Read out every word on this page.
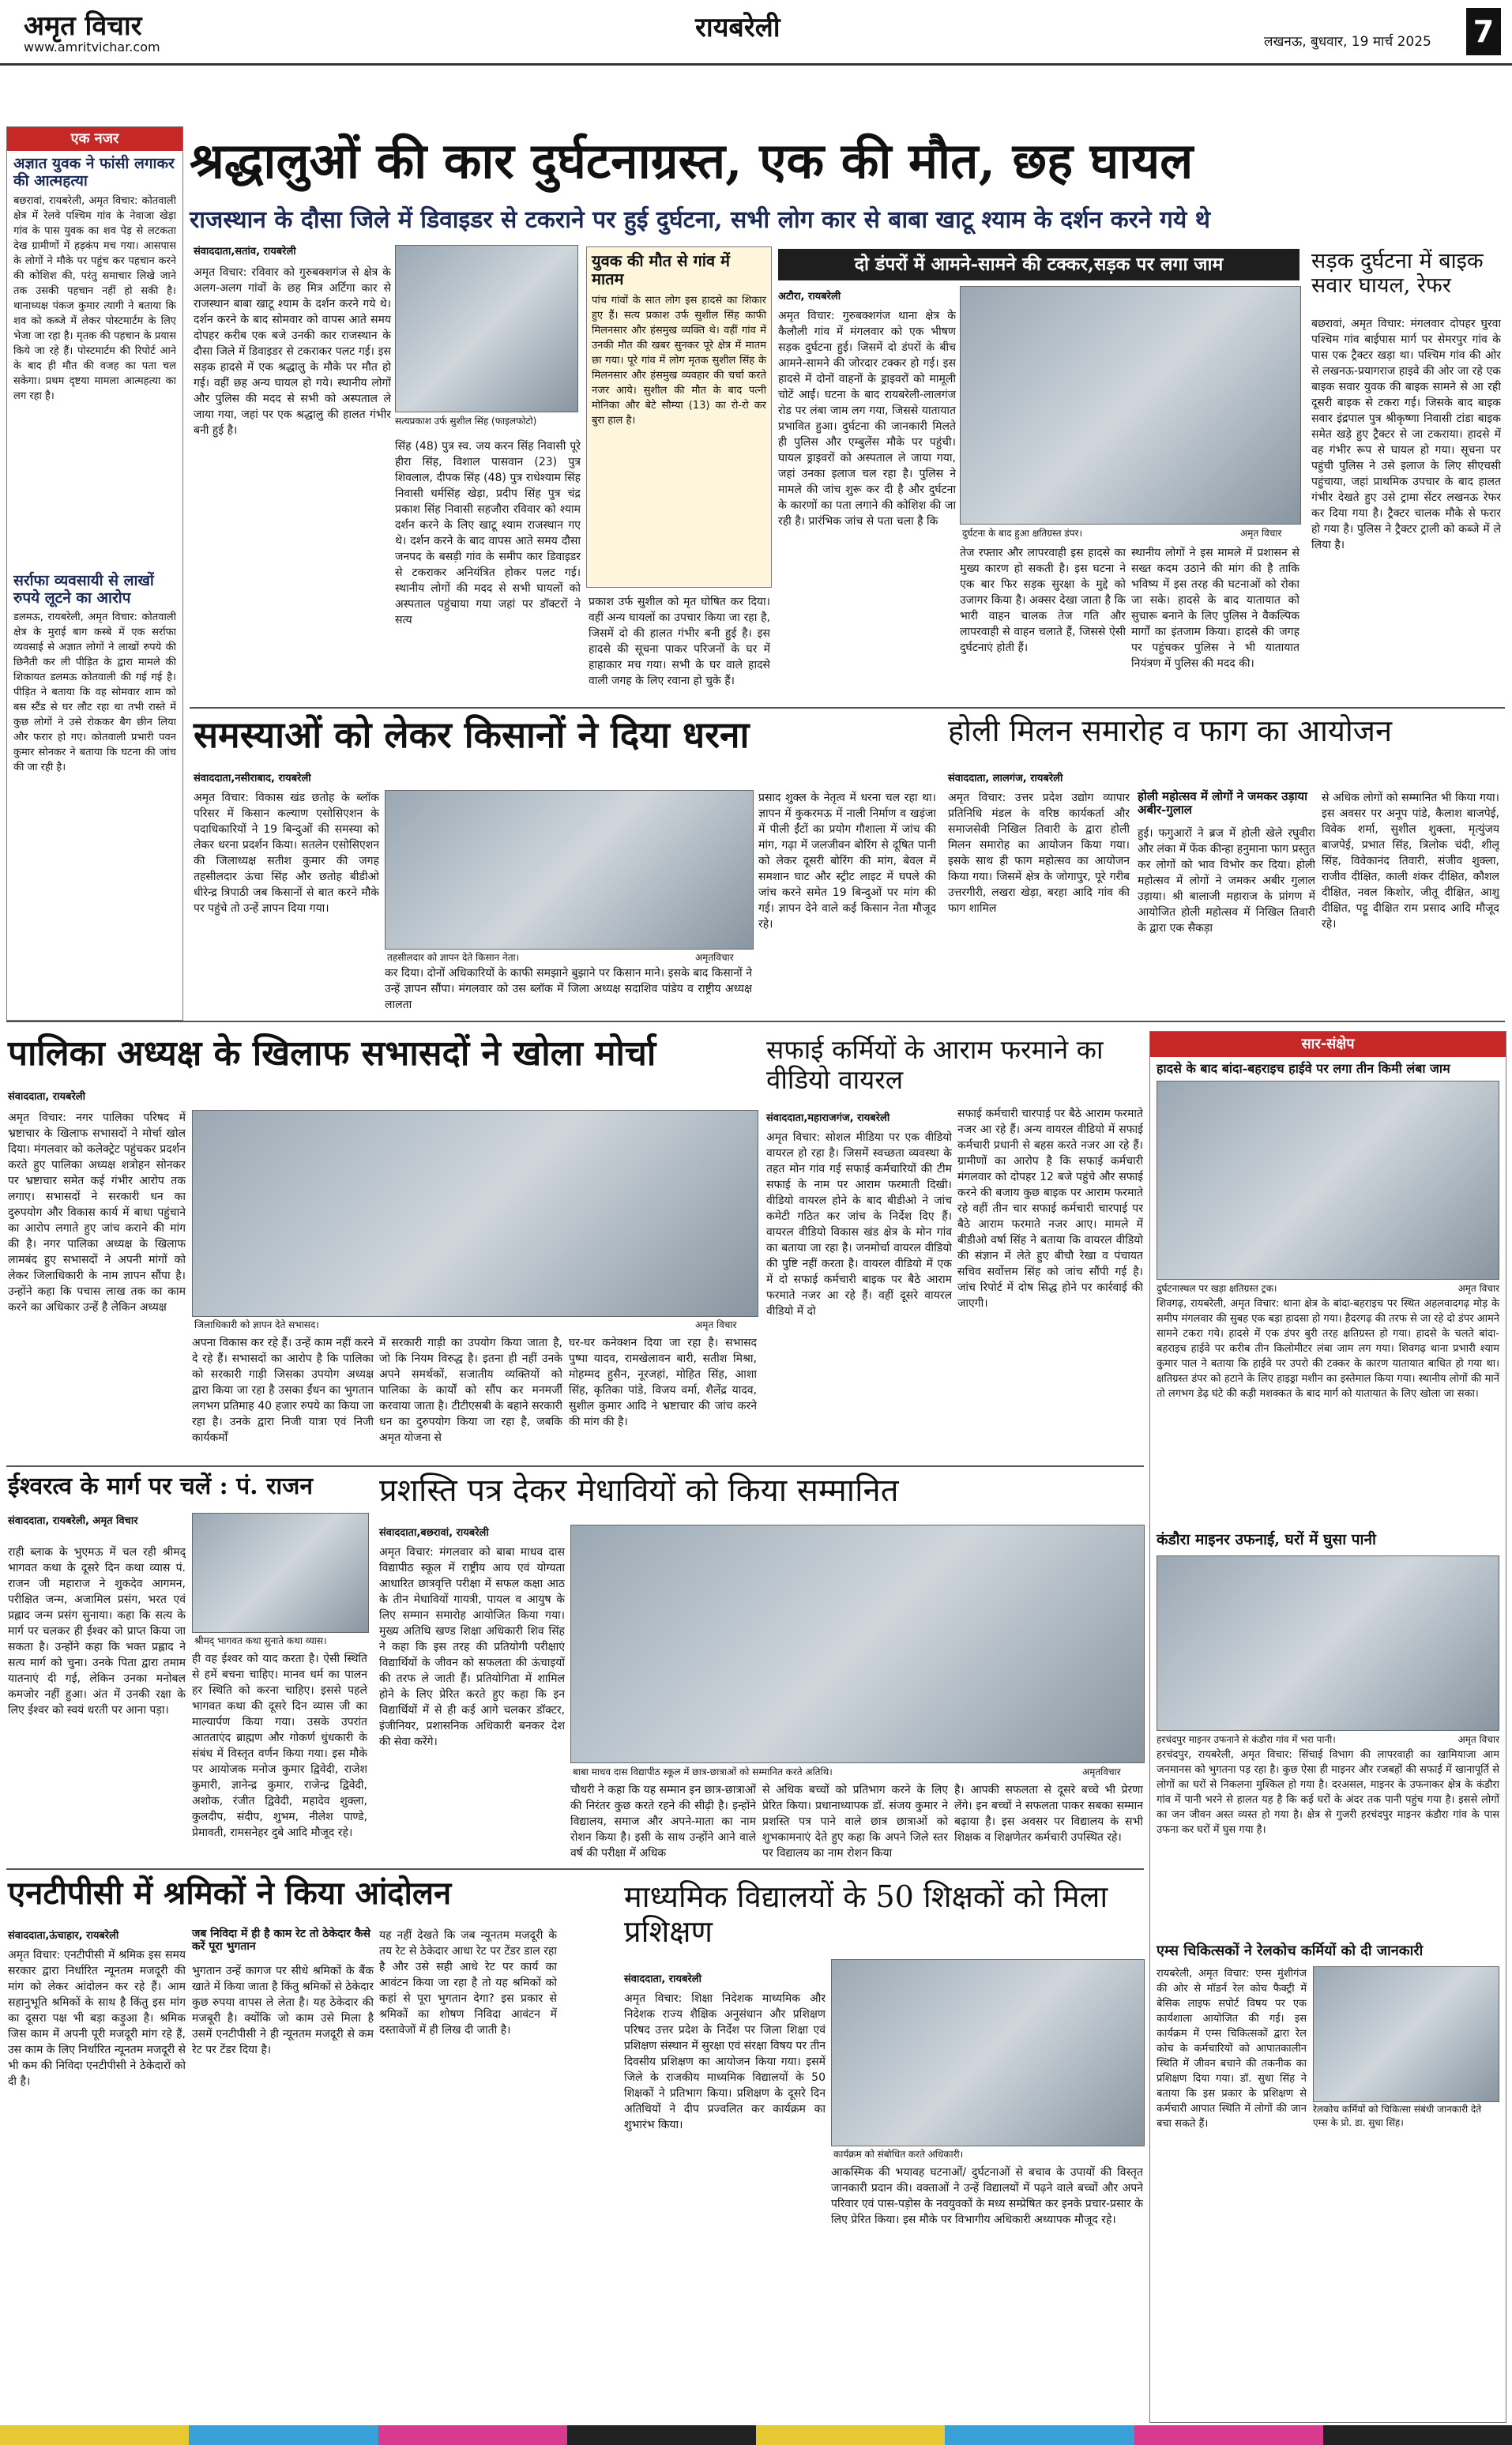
अमृत विचार
www.amritvichar.com
रायबरेली	लखनऊ, बुधवार, 19 मार्च 2025 7
एक नजर
अज्ञात युवक ने फांसी लगाकर की आत्महत्या
बछरावां, रायबरेली, अमृत विचार: कोतवाली क्षेत्र में रेलवे पश्चिम गांव के नेवाजा खेड़ा गांव के पास युवक का शव पेड़ से लटकता देख ग्रामीणों में हड़कंप मच गया। आसपास के लोगों ने मौके पर पहुंच कर पहचान करने की कोशिश की, परंतु समाचार लिखे जाने तक उसकी पहचान नहीं हो सकी है। थानाध्यक्ष पंकज कुमार त्यागी ने बताया कि शव को कब्जे में लेकर पोस्टमार्टम के लिए भेजा जा रहा है। मृतक की पहचान के प्रयास किये जा रहे हैं। पोस्टमार्टम की रिपोर्ट आने के बाद ही मौत की वजह का पता चल सकेगा। प्रथम दृष्टया मामला आत्महत्या का लग रहा है।
सर्राफा व्यवसायी से लाखों रुपये लूटने का आरोप
डलमऊ, रायबरेली, अमृत विचार: कोतवाली क्षेत्र के मुराई बाग कस्बे में एक सर्राफा व्यवसाई से अज्ञात लोगों ने लाखों रुपये की छिनैती कर ली पीड़ित के द्वारा मामले की शिकायत डलमऊ कोतवाली की गई गई है। पीड़ित ने बताया कि वह सोमवार शाम को बस स्टैंड से घर लौट रहा था तभी रास्ते में कुछ लोगों ने उसे रोककर बैग छीन लिया और फरार हो गए। कोतवाली प्रभारी पवन कुमार सोनकर ने बताया कि घटना की जांच की जा रही है।
श्रद्धालुओं की कार दुर्घटनाग्रस्त, एक की मौत, छह घायल
राजस्थान के दौसा जिले में डिवाइडर से टकराने पर हुई दुर्घटना, सभी लोग कार से बाबा खाटू श्याम के दर्शन करने गये थे
संवाददाता,सतांव, रायबरेली
सत्यप्रकाश उर्फ सुशील सिंह (फाइलफोटो)
अमृत विचार: रविवार को गुरुबक्शगंज से क्षेत्र के अलग-अलग गांवों के छह मित्र अर्टिगा कार से राजस्थान बाबा खाटू श्याम के दर्शन करने गये थे। दर्शन करने के बाद सोमवार को वापस आते समय दोपहर करीब एक बजे उनकी कार राजस्थान के दौसा जिले में डिवाइडर से टकराकर पलट गई। इस सड़क हादसे में एक श्रद्धालु के मौके पर मौत हो गई। वहीं छह अन्य घायल हो गये। स्थानीय लोगों और पुलिस की मदद से सभी को अस्पताल ले जाया गया, जहां पर एक श्रद्धालु की हालत गंभीर बनी हुई है।
सिंह (48) पुत्र स्व. जय करन सिंह निवासी पूरे हीरा सिंह, विशाल पासवान (23) पुत्र शिवलाल, दीपक सिंह (48) पुत्र राधेश्याम सिंह निवासी धर्मसिंह खेड़ा, प्रदीप सिंह पुत्र चंद्र प्रकाश सिंह निवासी सहजौरा रविवार को श्याम दर्शन करने के लिए खाटू श्याम राजस्थान गए थे। दर्शन करने के बाद वापस आते समय दौसा जनपद के बसड़ी गांव के समीप कार डिवाइडर से टकराकर अनियंत्रित होकर पलट गई। स्थानीय लोगों की मदद से सभी घायलों को अस्पताल पहुंचाया गया जहां पर डॉक्टरों ने सत्य
युवक की मौत से गांव में मातम
पांच गांवों के सात लोग इस हादसे का शिकार हुए हैं। सत्य प्रकाश उर्फ सुशील सिंह काफी मिलनसार और हंसमुख व्यक्ति थे। वहीं गांव में उनकी मौत की खबर सुनकर पूरे क्षेत्र में मातम छा गया। पूरे गांव में लोग मृतक सुशील सिंह के मिलनसार और हंसमुख व्यवहार की चर्चा करते नजर आये। सुशील की मौत के बाद पत्नी मोनिका और बेटे सौम्या (13) का रो-रो कर बुरा हाल है।
प्रकाश उर्फ सुशील को मृत घोषित कर दिया। वहीं अन्य घायलों का उपचार किया जा रहा है, जिसमें दो की हालत गंभीर बनी हुई है। इस हादसे की सूचना पाकर परिजनों के घर में हाहाकार मच गया। सभी के घर वाले हादसे वाली जगह के लिए रवाना हो चुके हैं।
दो डंपरों में आमने-सामने की टक्कर,सड़क पर लगा जाम
अटौरा, रायबरेली
अमृत विचार: गुरुबक्शगंज थाना क्षेत्र के कैलौली गांव में मंगलवार को एक भीषण सड़क दुर्घटना हुई। जिसमें दो डंपरों के बीच आमने-सामने की जोरदार टक्कर हो गई। इस हादसे में दोनों वाहनों के ड्राइवरों को मामूली चोटें आईं। घटना के बाद रायबरेली-लालगंज रोड पर लंबा जाम लग गया, जिससे यातायात प्रभावित हुआ। दुर्घटना की जानकारी मिलते ही पुलिस और एम्बुलेंस मौके पर पहुंची। घायल ड्राइवरों को अस्पताल ले जाया गया, जहां उनका इलाज चल रहा है। पुलिस ने मामले की जांच शुरू कर दी है और दुर्घटना के कारणों का पता लगाने की कोशिश की जा रही है। प्रारंभिक जांच से पता चला है कि
दुर्घटना के बाद हुआ क्षतिग्रस्त डंपर।	अमृत विचार
तेज रफ्तार और लापरवाही इस हादसे का मुख्य कारण हो सकती है। इस घटना ने एक बार फिर सड़क सुरक्षा के मुद्दे को उजागर किया है। अक्सर देखा जाता है कि भारी वाहन चालक तेज गति और लापरवाही से वाहन चलाते हैं, जिससे ऐसी दुर्घटनाएं होती हैं।
स्थानीय लोगों ने इस मामले में प्रशासन से सख्त कदम उठाने की मांग की है ताकि भविष्य में इस तरह की घटनाओं को रोका जा सके। हादसे के बाद यातायात को सुचारू बनाने के लिए पुलिस ने वैकल्पिक मार्गों का इंतजाम किया। हादसे की जगह पर पहुंचकर पुलिस ने भी यातायात नियंत्रण में पुलिस की मदद की।
सड़क दुर्घटना में बाइक सवार घायल, रेफर
बछरावां, अमृत विचार: मंगलवार दोपहर घुरवा पश्चिम गांव बाईपास मार्ग पर सेमरपुर गांव के पास एक ट्रैक्टर खड़ा था। पश्चिम गांव की ओर से लखनऊ-प्रयागराज हाइवे की ओर जा रहे एक बाइक सवार युवक की बाइक सामने से आ रही दूसरी बाइक से टकरा गई। जिसके बाद बाइक सवार इंद्रपाल पुत्र श्रीकृष्णा निवासी टांडा बाइक समेत खड़े हुए ट्रैक्टर से जा टकराया। हादसे में वह गंभीर रूप से घायल हो गया। सूचना पर पहुंची पुलिस ने उसे इलाज के लिए सीएचसी पहुंचाया, जहां प्राथमिक उपचार के बाद हालत गंभीर देखते हुए उसे ट्रामा सेंटर लखनऊ रेफर कर दिया गया है। ट्रैक्टर चालक मौके से फरार हो गया है। पुलिस ने ट्रैक्टर ट्राली को कब्जे में ले लिया है।
समस्याओं को लेकर किसानों ने दिया धरना
संवाददाता,नसीराबाद, रायबरेली
अमृत विचार: विकास खंड छतोह के ब्लॉक परिसर में किसान कल्याण एसोसिएशन के पदाधिकारियों ने 19 बिन्दुओं की समस्या को लेकर धरना प्रदर्शन किया। सतलेन एसोसिएशन की जिलाध्यक्ष सतीश कुमार की जगह तहसीलदार ऊंचा सिंह और छतोह बीडीओ धीरेन्द्र त्रिपाठी जब किसानों से बात करने मौके पर पहुंचे तो उन्हें ज्ञापन दिया गया।
तहसीलदार को ज्ञापन देते किसान नेता।	अमृतविचार
कर दिया। दोनों अधिकारियों के काफी समझाने बुझाने पर किसान माने। इसके बाद किसानों ने उन्हें ज्ञापन सौंपा। मंगलवार को उस ब्लॉक में जिला अध्यक्ष सदाशिव पांडेय व राष्ट्रीय अध्यक्ष लालता
प्रसाद शुक्ल के नेतृत्व में धरना चल रहा था। ज्ञापन में कुकरमऊ में नाली निर्माण व खड़ंजा में पीली ईंटों का प्रयोग गौशाला में जांच की मांग, गढ़ा में जलजीवन बोरिंग से दूषित पानी को लेकर दूसरी बोरिंग की मांग, बेवल में समशान घाट और स्ट्रीट लाइट में घपले की जांच करने समेत 19 बिन्दुओं पर मांग की गई। ज्ञापन देने वाले कई किसान नेता मौजूद रहे।
होली मिलन समारोह व फाग का आयोजन
संवाददाता, लालगंज, रायबरेली
अमृत विचार: उत्तर प्रदेश उद्योग व्यापार प्रतिनिधि मंडल के वरिष्ठ कार्यकर्ता और समाजसेवी निखिल तिवारी के द्वारा होली मिलन समारोह का आयोजन किया गया। इसके साथ ही फाग महोत्सव का आयोजन किया गया। जिसमें क्षेत्र के जोगापुर, पूरे गरीब उत्तरगीरी, लखरा खेड़ा, बरहा आदि गांव की फाग शामिल
होली महोत्सव में लोगों ने जमकर उड़ाया अबीर-गुलाल
हुई। फगुआरों ने ब्रज में होली खेले रघुवीरा और लंका में फेंक कीन्हा हनुमाना फाग प्रस्तुत कर लोगों को भाव विभोर कर दिया। होली महोत्सव में लोगों ने जमकर अबीर गुलाल उड़ाया। श्री बालाजी महाराज के प्रांगण में आयोजित होली महोत्सव में निखिल तिवारी के द्वारा एक सैकड़ा
से अधिक लोगों को सम्मानित भी किया गया। इस अवसर पर अनूप पांडे, कैलाश बाजपेई, विवेक शर्मा, सुशील शुक्ला, मृत्युंजय बाजपेई, प्रभात सिंह, त्रिलोक चंदी, शीलू सिंह, विवेकानंद तिवारी, संजीव शुक्ला, राजीव दीक्षित, काली शंकर दीक्षित, कौशल दीक्षित, नवल किशोर, जीतू दीक्षित, आशु दीक्षित, पट्टू दीक्षित राम प्रसाद आदि मौजूद रहे।
पालिका अध्यक्ष के खिलाफ सभासदों ने खोला मोर्चा
संवाददाता, रायबरेली
अमृत विचार: नगर पालिका परिषद में भ्रष्टाचार के खिलाफ सभासदों ने मोर्चा खोल दिया। मंगलवार को कलेक्ट्रेट पहुंचकर प्रदर्शन करते हुए पालिका अध्यक्ष शत्रोहन सोनकर पर भ्रष्टाचार समेत कई गंभीर आरोप तक लगाए। सभासदों ने सरकारी धन का दुरुपयोग और विकास कार्य में बाधा पहुंचाने का आरोप लगाते हुए जांच कराने की मांग की है। नगर पालिका अध्यक्ष के खिलाफ लामबंद हुए सभासदों ने अपनी मांगों को लेकर जिलाधिकारी के नाम ज्ञापन सौंपा है। उन्होंने कहा कि पचास लाख तक का काम करने का अधिकार उन्हें है लेकिन अध्यक्ष
जिलाधिकारी को ज्ञापन देते सभासद।	अमृत विचार
अपना विकास कर रहे हैं। उन्हें काम नहीं करने दे रहे हैं। सभासदों का आरोप है कि पालिका को सरकारी गाड़ी जिसका उपयोग अध्यक्ष द्वारा किया जा रहा है उसका ईंधन का भुगतान लगभग प्रतिमाह 40 हजार रुपये का किया जा रहा है। उनके द्वारा निजी यात्रा एवं निजी कार्यकर्मों
में सरकारी गाड़ी का उपयोग किया जाता है, जो कि नियम विरुद्ध है। इतना ही नहीं उनके अपने समर्थकों, सजातीय व्यक्तियों को पालिका के कार्यों को सौंप कर मनमर्जी करवाया जाता है। टीटीएसबी के बहाने सरकारी धन का दुरुपयोग किया जा रहा है, जबकि अमृत योजना से
घर-घर कनेक्शन दिया जा रहा है। सभासद पुष्पा यादव, रामखेलावन बारी, सतीश मिश्रा, मोहम्मद हुसैन, नूरजहां, मोहित सिंह, आशा सिंह, कृतिका पांडे, विजय वर्मा, शैलेंद्र यादव, सुशील कुमार आदि ने भ्रष्टाचार की जांच करने की मांग की है।
सफाई कर्मियों के आराम फरमाने का वीडियो वायरल
संवाददाता,महाराजगंज, रायबरेली
अमृत विचार: सोशल मीडिया पर एक वीडियो वायरल हो रहा है। जिसमें स्वच्छता व्यवस्था के तहत मोन गांव गई सफाई कर्मचारियों की टीम सफाई के नाम पर आराम फरमाती दिखी। वीडियो वायरल होने के बाद बीडीओ ने जांच कमेटी गठित कर जांच के निर्देश दिए हैं। वायरल वीडियो विकास खंड क्षेत्र के मोन गांव का बताया जा रहा है। जनमोर्चा वायरल वीडियो की पुष्टि नहीं करता है। वायरल वीडियो में एक में दो सफाई कर्मचारी बाइक पर बैठे आराम फरमाते नजर आ रहे हैं। वहीं दूसरे वायरल वीडियो में दो
सफाई कर्मचारी चारपाई पर बैठे आराम फरमाते नजर आ रहे हैं। अन्य वायरल वीडियो में सफाई कर्मचारी प्रधानी से बहस करते नजर आ रहे हैं। ग्रामीणों का आरोप है कि सफाई कर्मचारी मंगलवार को दोपहर 12 बजे पहुंचे और सफाई करने की बजाय कुछ बाइक पर आराम फरमाते रहे वहीं तीन चार सफाई कर्मचारी चारपाई पर बैठे आराम फरमाते नजर आए। मामले में बीडीओ वर्षा सिंह ने बताया कि वायरल वीडियो की संज्ञान में लेते हुए बीचौ रेखा व पंचायत सचिव सर्वोत्तम सिंह को जांच सौंपी गई है। जांच रिपोर्ट में दोष सिद्ध होने पर कार्रवाई की जाएगी।
सार-संक्षेप
हादसे के बाद बांदा-बहराइच हाईवे पर लगा तीन किमी लंबा जाम
दुर्घटनास्थल पर खड़ा क्षतिग्रस्त ट्रक।	अमृत विचार
शिवगढ़, रायबरेली, अमृत विचार: थाना क्षेत्र के बांदा-बहराइच पर स्थित अहलवादगढ़ मोड़ के समीप मंगलवार की सुबह एक बड़ा हादसा हो गया। हैदरगढ़ की तरफ से जा रहे दो डंपर आमने सामने टकरा गये। हादसे में एक डंपर बुरी तरह क्षतिग्रस्त हो गया। हादसे के चलते बांदा-बहराइच हाईवे पर करीब तीन किलोमीटर लंबा जाम लग गया। शिवगढ़ थाना प्रभारी श्याम कुमार पाल ने बताया कि हाईवे पर उपरो की टक्कर के कारण यातायात बाधित हो गया था। क्षतिग्रस्त डंपर को हटाने के लिए हाइड्रा मशीन का इस्तेमाल किया गया। स्थानीय लोगों की मानें तो लगभग डेढ़ घंटे की कड़ी मशक्कत के बाद मार्ग को यातायात के लिए खोला जा सका।
कंडौरा माइनर उफनाई, घरों में घुसा पानी
हरचंदपुर माइनर उफनाने से कंडौरा गांव में भरा पानी।	अमृत विचार
हरचंदपुर, रायबरेली, अमृत विचार: सिंचाई विभाग की लापरवाही का खामियाजा आम जनमानस को भुगतना पड़ रहा है। कुछ ऐसा ही माइनर और रजबहों की सफाई में खानापूर्ति से लोगों का घरों से निकलना मुश्किल हो गया है। दरअसल, माइनर के उफनाकर क्षेत्र के कंडौरा गांव में पानी भरने से हालत यह है कि कई घरों के अंदर तक पानी पहुंच गया है। इससे लोगों का जन जीवन अस्त व्यस्त हो गया है। क्षेत्र से गुजरी हरचंदपुर माइनर कंडौरा गांव के पास उफना कर घरों में घुस गया है।
एम्स चिकित्सकों ने रेलकोच कर्मियों को दी जानकारी
रायबरेली, अमृत विचार: एम्स मुंशीगंज की ओर से मॉडर्न रेल कोच फैक्ट्री में बेसिक लाइफ सपोर्ट विषय पर एक कार्यशाला आयोजित की गई। इस कार्यक्रम में एम्स चिकित्सकों द्वारा रेल कोच के कर्मचारियों को आपातकालीन स्थिति में जीवन बचाने की तकनीक का प्रशिक्षण दिया गया। डॉ. सुधा सिंह ने बताया कि इस प्रकार के प्रशिक्षण से कर्मचारी आपात स्थिति में लोगों की जान बचा सकते हैं।
रेलकोच कर्मियों को चिकित्सा संबंधी जानकारी देते एम्स के प्रो. डा. सुधा सिंह।
ईश्वरत्व के मार्ग पर चलें : पं. राजन
संवाददाता, रायबरेली, अमृत विचार
राही ब्लाक के भुएमऊ में चल रही श्रीमद् भागवत कथा के दूसरे दिन कथा व्यास पं. राजन जी महाराज ने शुकदेव आगमन, परीक्षित जन्म, अजामिल प्रसंग, भरत एवं प्रह्लाद जन्म प्रसंग सुनाया। कहा कि सत्य के मार्ग पर चलकर ही ईश्वर को प्राप्त किया जा सकता है। उन्होंने कहा कि भक्त प्रह्लाद ने सत्य मार्ग को चुना। उनके पिता द्वारा तमाम यातनाएं दी गई, लेकिन उनका मनोबल कमजोर नहीं हुआ। अंत में उनकी रक्षा के लिए ईश्वर को स्वयं धरती पर आना पड़ा।
श्रीमद् भागवत कथा सुनाते कथा व्यास।
ही वह ईश्वर को याद करता है। ऐसी स्थिति से हमें बचना चाहिए। मानव धर्म का पालन हर स्थिति को करना चाहिए। इससे पहले भागवत कथा की दूसरे दिन व्यास जी का माल्यार्पण किया गया। उसके उपरांत आतताएंद ब्राह्मण और गोकर्ण धुंधकारी के संबंध में विस्तृत वर्णन किया गया। इस मौके पर आयोजक मनोज कुमार द्विवेदी, राजेश कुमारी, ज्ञानेन्द्र कुमार, राजेन्द्र द्विवेदी, अशोक, रंजीत द्विवेदी, महादेव शुक्ला, कुलदीप, संदीप, शुभम, नीलेश पाण्डे, प्रेमावती, रामसनेहर दुबे आदि मौजूद रहे।
प्रशस्ति पत्र देकर मेधावियों को किया सम्मानित
संवाददाता,बछरावां, रायबरेली
अमृत विचार: मंगलवार को बाबा माधव दास विद्यापीठ स्कूल में राष्ट्रीय आय एवं योग्यता आधारित छात्रवृत्ति परीक्षा में सफल कक्षा आठ के तीन मेधावियों गायत्री, पायल व आयुष के लिए सम्मान समारोह आयोजित किया गया। मुख्य अतिथि खण्ड शिक्षा अधिकारी शिव सिंह ने कहा कि इस तरह की प्रतियोगी परीक्षाएं विद्यार्थियों के जीवन को सफलता की ऊंचाइयों की तरफ ले जाती हैं। प्रतियोगिता में शामिल होने के लिए प्रेरित करते हुए कहा कि इन विद्यार्थियों में से ही कई आगे चलकर डॉक्टर, इंजीनियर, प्रशासनिक अधिकारी बनकर देश की सेवा करेंगे।
बाबा माधव दास विद्यापीठ स्कूल में छात्र-छात्राओं को सम्मानित करते अतिथि।	अमृतविचार
चौधरी ने कहा कि यह सम्मान इन छात्र-छात्राओं की निरंतर कुछ करते रहने की सीढ़ी है। इन्होंने विद्यालय, समाज और अपने-माता का नाम रोशन किया है। इसी के साथ उन्होंने आने वाले वर्ष की परीक्षा में अधिक
से अधिक बच्चों को प्रतिभाग करने के लिए प्रेरित किया। प्रधानाध्यापक डॉ. संजय कुमार ने प्रशस्ति पत्र पाने वाले छात्र छात्राओं को शुभकामनाएं देते हुए कहा कि अपने जिले स्तर पर विद्यालय का नाम रोशन किया
है। आपकी सफलता से दूसरे बच्चे भी प्रेरणा लेंगे। इन बच्चों ने सफलता पाकर सबका सम्मान बढ़ाया है। इस अवसर पर विद्यालय के सभी शिक्षक व शिक्षणेतर कर्मचारी उपस्थित रहे।
एनटीपीसी में श्रमिकों ने किया आंदोलन
संवाददाता,ऊंचाहार, रायबरेली
अमृत विचार: एनटीपीसी में श्रमिक इस समय सरकार द्वारा निर्धारित न्यूनतम मजदूरी की मांग को लेकर आंदोलन कर रहे हैं। आम सहानुभूति श्रमिकों के साथ है किंतु इस मांग का दूसरा पक्ष भी बड़ा कड़ुआ है। श्रमिक जिस काम में अपनी पूरी मजदूरी मांग रहे हैं, उस काम के लिए निर्धारित न्यूनतम मजदूरी से भी कम की निविदा एनटीपीसी ने ठेकेदारों को दी है।
जब निविदा में ही है काम रेट तो ठेकेदार कैसे करें पूरा भुगतान
भुगतान उन्हें कागज पर सीधे श्रमिकों के बैंक खाते में किया जाता है किंतु श्रमिकों से ठेकेदार कुछ रुपया वापस ले लेता है। यह ठेकेदार की मजबूरी है। क्योंकि जो काम उसे मिला है उसमें एनटीपीसी ने ही न्यूनतम मजदूरी से कम रेट पर टेंडर दिया है।
यह नहीं देखते कि जब न्यूनतम मजदूरी के तय रेट से ठेकेदार आधा रेट पर टेंडर डाल रहा है और उसे सही आधे रेट पर कार्य का आवंटन किया जा रहा है तो यह श्रमिकों को कहां से पूरा भुगतान देगा? इस प्रकार से श्रमिकों का शोषण निविदा आवंटन में दस्तावेजों में ही लिख दी जाती है।
माध्यमिक विद्यालयों के 50 शिक्षकों को मिला प्रशिक्षण
संवाददाता, रायबरेली
अमृत विचार: शिक्षा निदेशक माध्यमिक और निदेशक राज्य शैक्षिक अनुसंधान और प्रशिक्षण परिषद उत्तर प्रदेश के निर्देश पर जिला शिक्षा एवं प्रशिक्षण संस्थान में सुरक्षा एवं संरक्षा विषय पर तीन दिवसीय प्रशिक्षण का आयोजन किया गया। इसमें जिले के राजकीय माध्यमिक विद्यालयों के 50 शिक्षकों ने प्रतिभाग किया। प्रशिक्षण के दूसरे दिन अतिथियों ने दीप प्रज्वलित कर कार्यक्रम का शुभारंभ किया।
कार्यक्रम को संबोधित करते अधिकारी।
आकस्मिक की भयावह घटनाओं/ दुर्घटनाओं से बचाव के उपायों की विस्तृत जानकारी प्रदान की। वक्ताओं ने उन्हें विद्यालयों में पढ़ने वाले बच्चों और अपने परिवार एवं पास-पड़ोस के नवयुवकों के मध्य सम्प्रेषित कर इनके प्रचार-प्रसार के लिए प्रेरित किया। इस मौके पर विभागीय अधिकारी अध्यापक मौजूद रहे।
